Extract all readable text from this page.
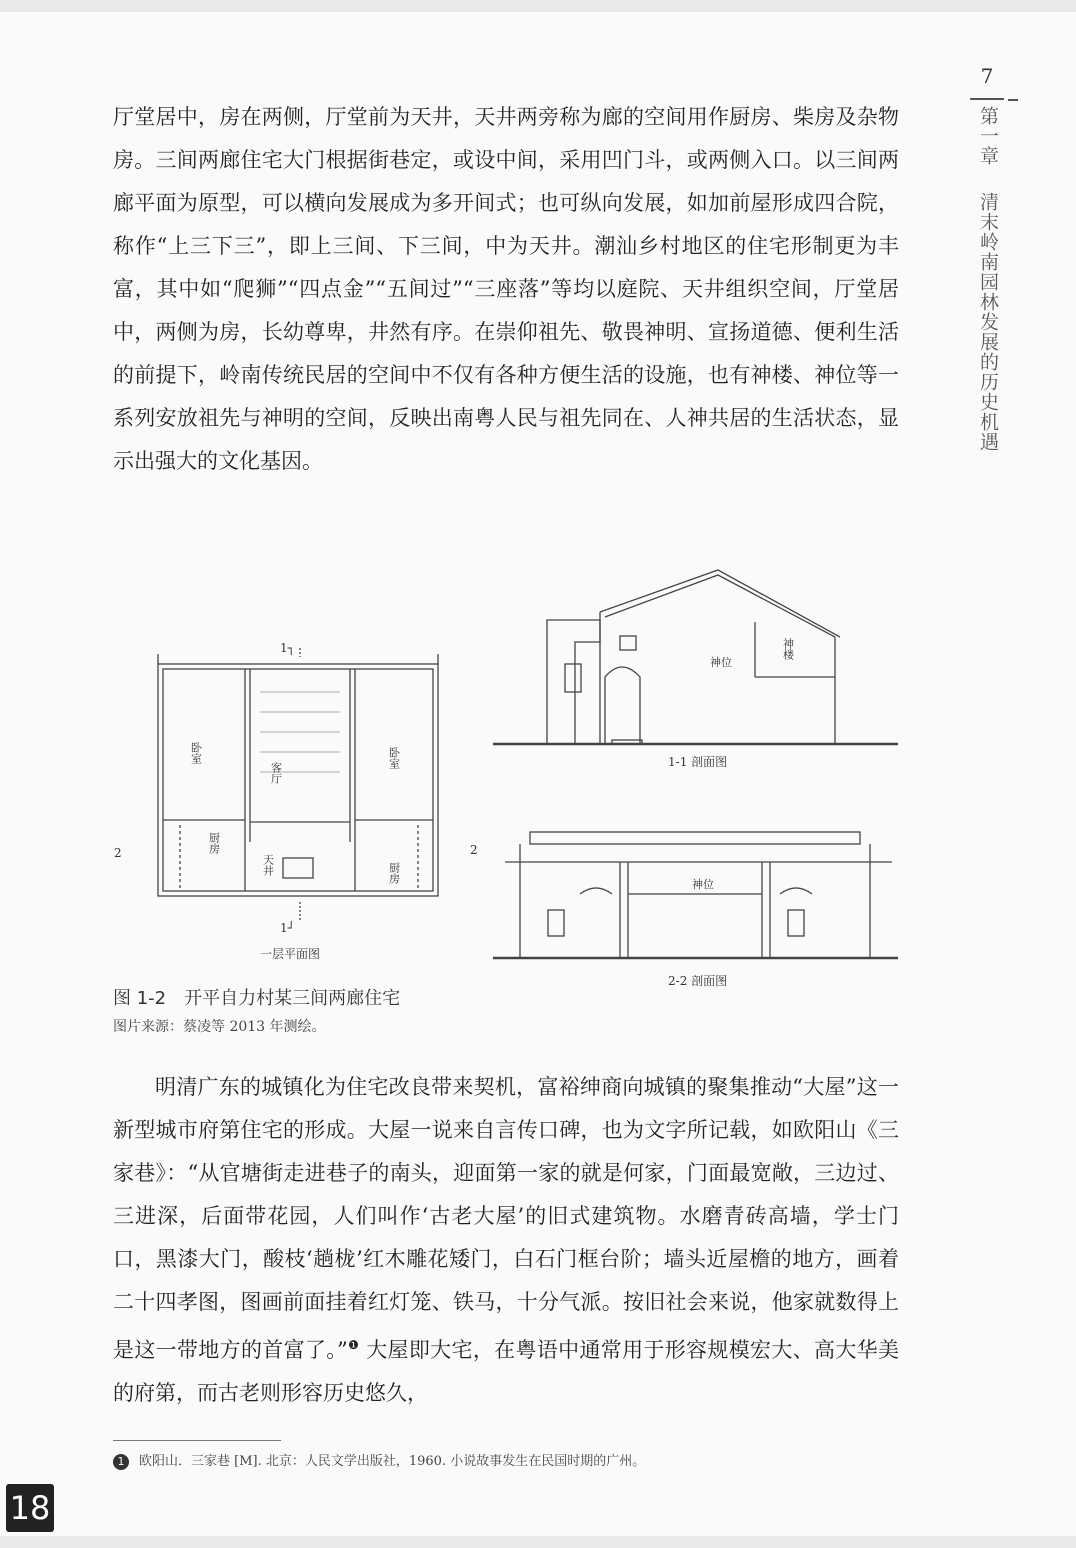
7
第一章
清末岭南园林发展的历史机遇

厅堂居中，房在两侧，厅堂前为天井，天井两旁称为廊的空间用作厨房、柴房及杂物房。三间两廊住宅大门根据街巷定，或设中间，采用凹门斗，或两侧入口。以三间两廊平面为原型，可以横向发展成为多开间式；也可纵向发展，如加前屋形成四合院，称作“上三下三”，即上三间、下三间，中为天井。潮汕乡村地区的住宅形制更为丰富，其中如“爬狮”“四点金”“五间过”“三座落”等均以庭院、天井组织空间，厅堂居中，两侧为房，长幼尊卑，井然有序。在崇仰祖先、敬畏神明、宣扬道德、便利生活的前提下，岭南传统民居的空间中不仅有各种方便生活的设施，也有神楼、神位等一系列安放祖先与神明的空间，反映出南粤人民与祖先同在、人神共居的生活状态，显示出强大的文化基因。

卧室
客厅
卧室
厨房
天井	厨房
1┐
1┘
2	2
一层平面图
神位
神楼
1-1 剖面图
神位
2-2 剖面图
图 1-2　开平自力村某三间两廊住宅
图片来源：蔡凌等 2013 年测绘。

明清广东的城镇化为住宅改良带来契机，富裕绅商向城镇的聚集推动“大屋”这一新型城市府第住宅的形成。大屋一说来自言传口碑，也为文字所记载，如欧阳山《三家巷》：“从官塘街走进巷子的南头，迎面第一家的就是何家，门面最宽敞，三边过、三进深，后面带花园，人们叫作‘古老大屋’的旧式建筑物。水磨青砖高墙，学士门口，黑漆大门，酸枝‘趟栊’红木雕花矮门，白石门框台阶；墙头近屋檐的地方，画着二十四孝图，图画前面挂着红灯笼、铁马，十分气派。按旧社会来说，他家就数得上是这一带地方的首富了。”$^❶$ 大屋即大宅，在粤语中通常用于形容规模宏大、高大华美的府第，而古老则形容历史悠久，

1 欧阳山．三家巷 [M]. 北京：人民文学出版社，1960. 小说故事发生在民国时期的广州。
18
